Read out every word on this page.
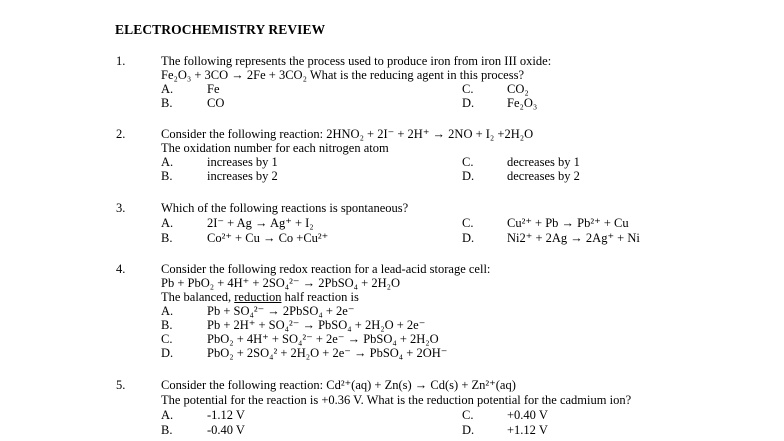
ELECTROCHEMISTRY REVIEW
1.	The following represents the process used to produce iron from iron III oxide:
Fe₂O₃ + 3CO → 2Fe + 3CO₂ What is the reducing agent in this process?
A.	Fe
B.	CO
C.	CO₂
D.	Fe₂O₃
2.	Consider the following reaction: 2HNO₂ + 2I⁻ + 2H⁺ → 2NO + I₂ +2H₂O
The oxidation number for each nitrogen atom
A.	increases by 1
B.	increases by 2
C.	decreases by 1
D.	decreases by 2
3.	Which of the following reactions is spontaneous?
A.	2I⁻ + Ag → Ag⁺ + I₂
B.	Co²⁺ + Cu → Co +Cu²⁺
C.	Cu²⁺ + Pb → Pb²⁺ + Cu
D.	Ni2⁺ + 2Ag → 2Ag⁺ + Ni
4.	Consider the following redox reaction for a lead-acid storage cell:
Pb + PbO₂ + 4H⁺ + 2SO₄²⁻ → 2PbSO₄ + 2H₂O
The balanced, reduction half reaction is
A.	Pb + SO₄²⁻ → 2PbSO₄ + 2e⁻
B.	Pb + 2H⁺ + SO₄²⁻ → PbSO₄ + 2H₂O + 2e⁻
C.	PbO₂ + 4H⁺ + SO₄²⁻ + 2e⁻ → PbSO₄ + 2H₂O
D.	PbO₂ + 2SO₄² + 2H₂O + 2e⁻ → PbSO₄ + 2OH⁻
5.	Consider the following reaction: Cd²⁺(aq) + Zn(s) → Cd(s) + Zn²⁺(aq)
The potential for the reaction is +0.36 V. What is the reduction potential for the cadmium ion?
A.	-1.12 V
B.	-0.40 V
C.	+0.40 V
D.	+1.12 V
